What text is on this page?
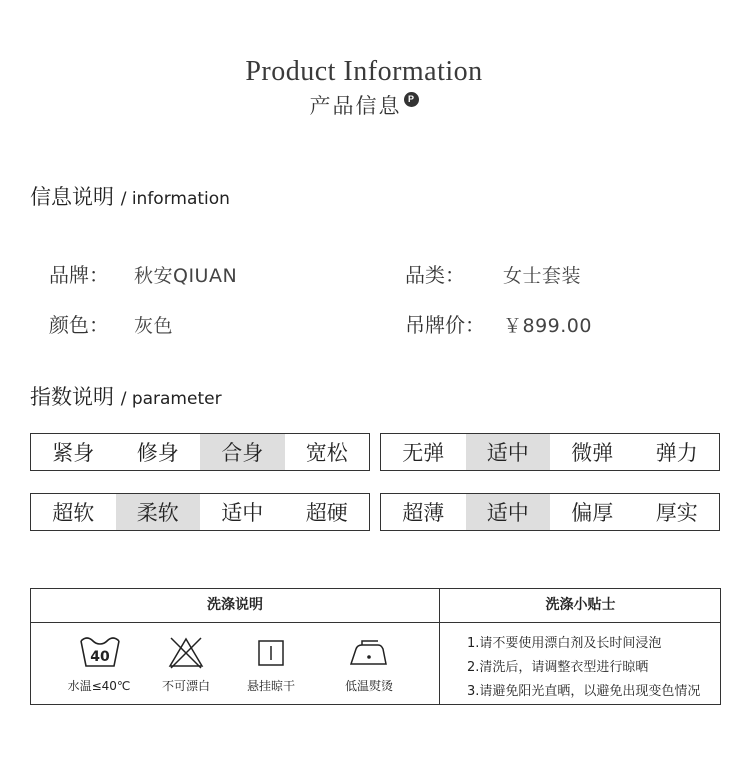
Product Information
产品信息 P
信息说明 / information
品牌： 秋安QIUAN	品类： 女士套装
颜色： 灰色	吊牌价： ￥899.00
指数说明 / parameter
紧身	修身	合身	宽松	无弹	适中	微弹	弹力
超软	柔软	适中	超硬	超薄	适中	偏厚	厚实
洗涤说明	洗涤小贴士
40
水温≤40℃	不可漂白	悬挂晾干	低温熨烫
1.请不要使用漂白剂及长时间浸泡
2.清洗后，请调整衣型进行晾晒
3.请避免阳光直晒，以避免出现变色情况
